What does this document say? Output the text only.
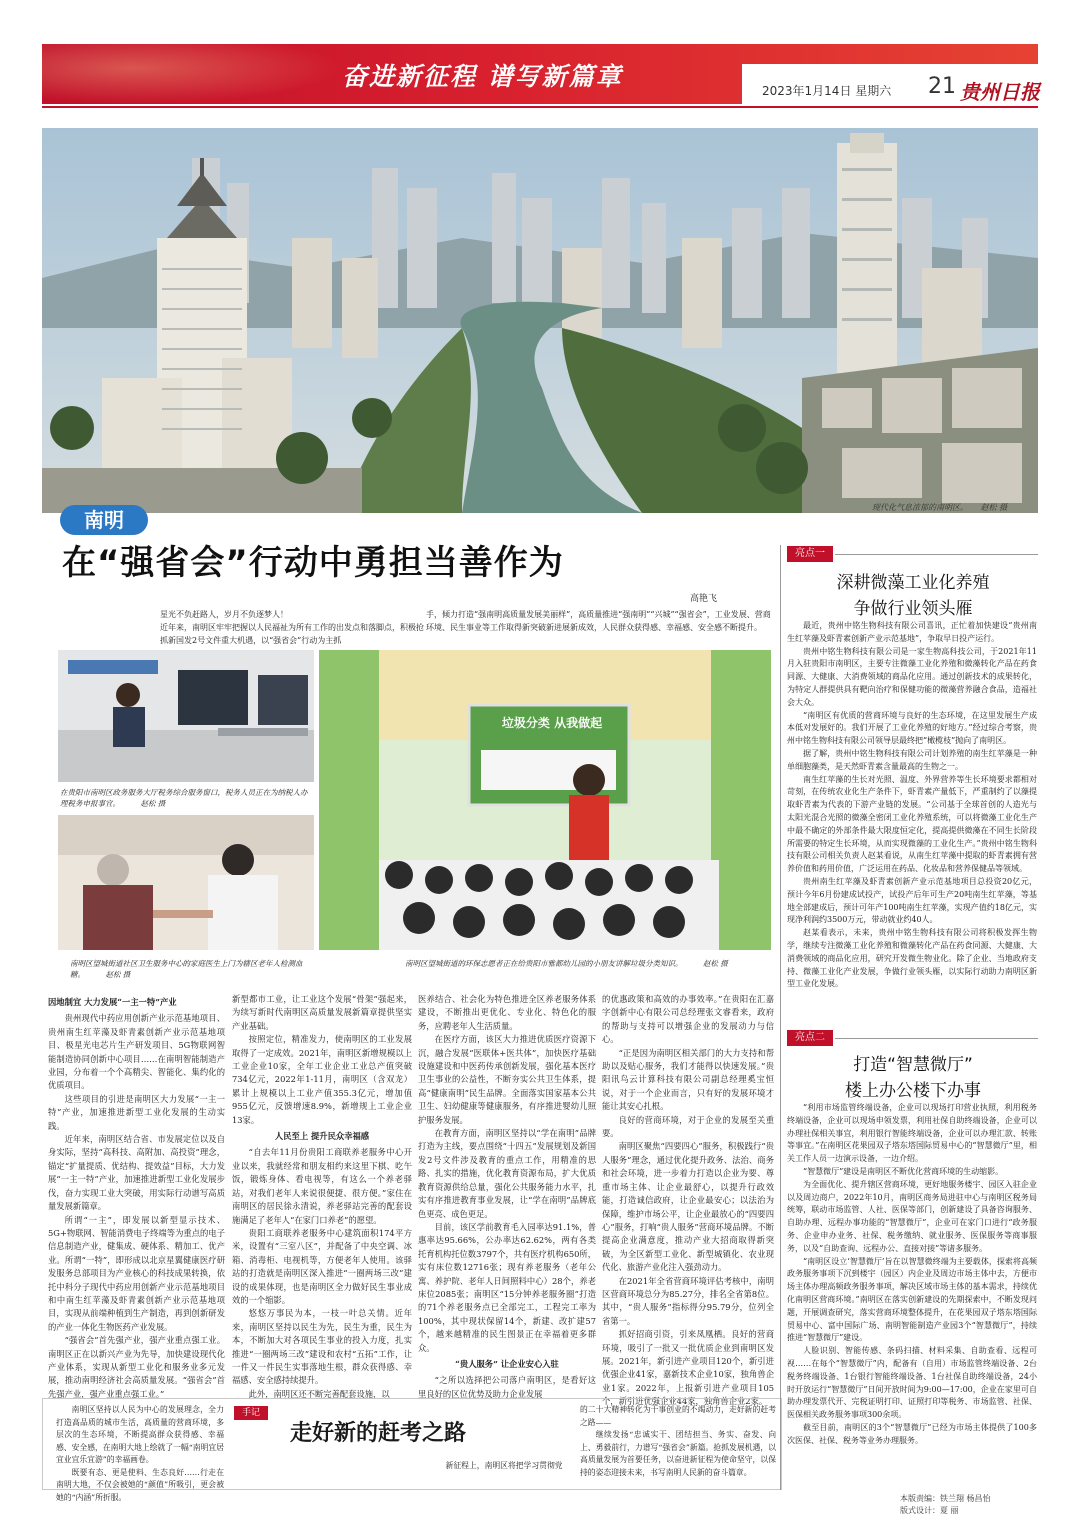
奋进新征程 谱写新篇章	2023年1月14日 星期六 21 贵州日报
现代化气息浓郁的南明区。 赵松 摄
南明
在“强省会”行动中勇担当善作为
高艳飞
星光不负赶路人，岁月不负逐梦人！
近年来，南明区牢牢把握以人民福祉为所有工作的出发点和落脚点，积极抢抓新国发2号文件重大机遇，以“强省会”行动为主抓
手，倾力打造“强南明高质量发展美丽样”，高质量推进“强南明”“兴城”“强省会”，工业发展、营商环境、民生事业等工作取得新突破新进展新成效，人民群众获得感、幸福感、安全感不断提升。
在贵阳市南明区政务服务大厅税务综合服务窗口，税务人员正在为纳税人办理税务申报事宜。	赵松 摄
南明区望城街道社区卫生服务中心的家庭医生上门为辖区老年人检测血糖。	赵松 摄
垃圾分类 从我做起
南明区望城街道的环保志愿者正在给贵阳市雅都幼儿园的小朋友讲解垃圾分类知识。	赵松 摄

因地制宜 大力发展“一主一特”产业

贵州现代中药应用创新产业示范基地项目、贵州南生红苹藻及虾青素创新产业示范基地项目、极星光电芯片生产研发项目、5G物联网智能制造协同创新中心项目……在南明智能制造产业园，分布着一个个高精尖、智能化、集约化的优质项目。

这些项目的引进是南明区大力发展“一主一特”产业，加速推进新型工业化发展的生动实践。

近年来，南明区结合省、市发展定位以及自身实际，坚持“高科技、高附加、高投资”理念，锚定“扩量提质、优结构、提效益”目标，大力发展“一主一特”产业，加速推进新型工业化发展步伐，奋力实现工业大突破，用实际行动谱写高质量发展新篇章。

所谓“一主”，即发展以新型显示技术、5G+物联网、智能消费电子终端等为重点的电子信息制造产业，健集成、硬体系、精加工、优产业。所谓“一特”，即形成以北京星翼健康医疗研发服务总部项目为产业核心的科技成果转换，依托中科分子现代中药应用创新产业示范基地项目和中南生红苹藻及虾青素创新产业示范基地项目，实现从前端种植到生产制造，再到创新研发的产业一体化生物医药产业发展。

“强省会”首先强产业，强产业重点强工业。南明区正在以新兴产业为先导，加快建设现代化产业体系，实现从新型工业化和服务业多元发展，推动南明经济社会高质量发展。“强省会”首先强产业，强产业重点强工业。”

新型都市工业，让工业这个发展“骨架”强起来，为续写新时代南明区高质量发展新篇章提供坚实产业基础。

按照定位，精准发力，使南明区的工业发展取得了一定成效。2021年，南明区新增规模以上工业企业10家，全年工业企业工业总产值突破734亿元，2022年1-11月，南明区（含双龙）累计上规模以上工业产值355.3亿元，增加值955亿元，反馈增速8.9%，新增规上工业企业13家。

人民至上 提升民众幸福感

“自去年11月份贵阳工商联养老服务中心开业以来，我就经常和朋友相约来这里下棋、吃午饭，锻炼身体、看电视等，有这么一个养老驿站，对我们老年人来说很便捷、很方便。”家住在南明区的居民徐永清说，养老驿站完善的配套设施满足了老年人“在家门口养老”的愿望。

贵阳工商联养老服务中心建筑面积174平方米，设置有“三室八区”，并配备了中央空调、冰箱、消毒柜、电视机等，方便老年人使用。该驿站的打造就是南明区深入推进“一圈两场三改”建设的成果体现，也是南明区全力做好民生事业成效的一个缩影。

悠悠万事民为本，一枝一叶总关情。近年来，南明区坚持以民生为先，民生为重，民生为本，不断加大对各项民生事业的投入力度，扎实推进“一圈两场三改”建设和农村“五拓”工作，让一件又一件民生实事落地生根，群众获得感、幸福感、安全感持续提升。

此外，南明区还不断完善配套设施，以

医养结合、社会化为特色推进全区养老服务体系建设，不断推出更优化、专业化、特色化的服务，应聘老年人生活质量。

在医疗方面，该区大力推进优质医疗资源下沉，融合发展“医联体+医共体”，加快医疗基础设施建设和中医药传承创新发展，强化基本医疗卫生事业的公益性，不断夯实公共卫生体系，提高“健康南明”民生品牌。全面落实国家基本公共卫生、妇幼健康等健康服务，有序推进婴幼儿照护服务发展。

在教育方面，南明区坚持以“学在南明”品牌打造为主线，要点围绕“十四五”发展规划及新国发2号文件涉及教育的重点工作，用精准的思路、扎实的措施，优化教育资源布局，扩大优质教育资源供给总量，强化公共服务能力水平，扎实有序推进教育事业发展，让“学在南明”品牌底色更亮、成色更足。

目前，该区学前教育毛入园率达91.1%，普惠率达95.66%，公办率达62.62%，两有各类托育机构托位数3797个，共有医疗机构650所，实有床位数12716张；现有养老服务（老年公寓、养护院、老年人日间照料中心）28个，养老床位2085张；南明区“15分钟养老服务圈”打造的71个养老服务点已全部完工，工程完工率为100%，其中现状保留14个，新建、改扩建57个，越来越精准的民生图景正在幸福着更多群众。

“贵人服务” 让企业安心入驻

“之所以选择把公司落户南明区，是看好这里良好的区位优势及助力企业发展

的优惠政策和高效的办事效率。”在贵阳在汇嘉字创新中心有限公司总经理张文睿看来，政府的帮助与支持可以增强企业的发展动力与信心。

“正是因为南明区相关部门的大力支持和帮助以及贴心服务，我们才能得以快速发展。”贵阳讯鸟云计算科技有限公司副总经理奚宝恒说，对于一个企业而言，只有好的发展环境才能让其安心扎根。

良好的营商环境，对于企业的发展至关重要。

南明区聚焦“四要四心”服务，积极践行“贵人服务”理念，通过优化提升政务、法治、商务和社会环境，进一步着力打造以企业为要、尊重市场主体、让企业最舒心，以提升行政效能，打造诚信政府，让企业最安心；以法治为保障，维护市场公平，让企业最放心的“四要四心”服务，打响“贵人服务”营商环境品牌。不断提高企业满意度，推动产业大招商取得新突破，为全区新型工业化、新型城镇化、农业现代化、旅游产业化注入强劲动力。

在2021年全省营商环境评估考核中，南明区营商环境总分为85.27分，排名全省第8位。其中，“贵人服务”指标得分95.79分，位列全省第一。

抓好招商引资，引来凤凰栖。良好的营商环境，吸引了一批又一批优质企业到南明区发展。2021年，新引进产业项目120个，新引进优强企业41家，嘉新技术企业10家，独角兽企业1家。2022年，上报新引进产业项目105个，新引进优强企业44家，独角兽企业2家。

南明区坚持以人民为中心的发展理念，全力打造高品质的城市生活，高质量的营商环境，多层次的生态环境，不断提高群众获得感、幸福感、安全感，在南明大地上绘就了一幅“南明宜居宜业宜乐宜游”的幸福画卷。

既要有态、更是使料、生态良好……行走在南明大地，不仅会被她的“颜值”所吸引，更会被她的“内涵”所折服。

手记
走好新的赶考之路

的二十大精神转化为干事创业的不竭动力，走好新的赶考之路——

继续发扬“忠诚实干、团结担当、务实、奋发、向上、勇毅前行，力谱写“强省会”新篇。抢抓发展机遇，以高质量发展为首要任务，以奋进新征程为使命坚守，以保持的姿态迎接未来，书写南明人民新的奋斗篇章。

新征程上，南明区将把学习贯彻党

亮点一
深耕微藻工业化养殖
争做行业领头雁

最近，贵州中铭生物科技有限公司喜讯，正忙着加快建设“贵州南生红苹藻及虾青素创新产业示范基地”，争取早日投产运行。

贵州中铭生物科技有限公司是一家生物高科技公司，于2021年11月入驻贵阳市南明区，主要专注微藻工业化养殖和微藻转化产品在药食同源、大健康、大消费领域的商品化应用。通过创新技术的成果转化，为特定人群提供具有靶向治疗和保健功能的微藻营养融合食品，造福社会大众。

“南明区有优质的营商环境与良好的生态环境，在这里发展生产成本低对发展好的。我们开展了工业化养殖的好地方。”经过综合考察，贵州中铭生物科技有限公司领导层最终把“橄榄枝”抛向了南明区。

据了解，贵州中铭生物科技有限公司计划养殖的南生红苹藻是一种单细胞藻类，是天然虾青素含量最高的生物之一。

南生红苹藻的生长对光照、温度、外界营养等生长环境要求都相对苛刻，在传统农业化生产条件下，虾青素产量低下，严重制约了以藻提取虾青素为代表的下游产业链的发展。“公司基于全球首创的人造光与太阳光混合光照的微藻全密闭工业化养殖系统，可以将微藻工业化生产中最不确定的外部条件最大限度恒定化，提高提供微藻在不同生长阶段所需要的特定生长环境，从而实现微藻的工业化生产。”贵州中铭生物科技有限公司相关负责人赵某看说，从南生红苹藻中提取的虾青素拥有营养价值和药用价值，广泛运用在药品、化妆品和营养保健品等领域。

贵州南生红苹藻及虾青素创新产业示范基地项目总投资20亿元，预计今年6月份建成试投产，试投产后年可生产20吨南生红苹藻，等基地全部建成后，预计可年产100吨南生红苹藻，实现产值约18亿元，实现净利润约3500万元，带动就业约40人。

赵某看表示，未来，贵州中铭生物科技有限公司将积极发挥生物学，继续专注微藻工业化养殖和微藻转化产品在药食同源、大健康、大消费领域的商品化应用，研究开发微生物业化。除了企业、当地政府支持、微藻工业化产业发展，争做行业领头雁，以实际行动助力南明区新型工业化发展。

亮点二
打造“智慧微厅”
楼上办公楼下办事

“利用市场监管终端设备，企业可以现场打印营业执照，利用税务终端设备，企业可以现场申领发票，利用社保自助终端设备，企业可以办理社保相关事宜，利用银行智能终端设备，企业可以办理汇款、转账等事宜。”在南明区花果园双子塔东塔国际贸易中心的“智慧微厅”里，相关工作人员一边演示设备，一边介绍。

“智慧微厅”建设是南明区不断优化营商环境的生动缩影。

为全面优化、提升辖区营商环境，更好地服务楼宇、园区入驻企业以及周边商户，2022年10月，南明区商务局进驻中心与南明区税务局统筹，联动市场监管、人社、医保等部门，创新建设了具备咨询服务、自助办理、远程办事功能的“智慧微厅”，企业可在家门口进行“政务服务、企业申办业务、社保、税务缴纳、就业服务、医保服务等商事服务，以及“自助查询、远程办公、直接对接”等诸多服务。

“南明区设立‘智慧微厅’旨在以智慧微终端为主要载体，探索将高频政务服务事项下沉到楼宇（园区）内企业及周边市场主体中去，方便市场主体办理高频政务服务事项，解决区域市场主体的基本需求，持续优化南明区营商环境。”南明区在落实创新建设的先期探索中，不断发现问题，开展调查研究，落实营商环境整体提升，在花果园双子塔东塔国际贸易中心、富中国际广场、南明智能制造产业园3个“智慧微厅”，持续推进“智慧微厅”建设。

人脸识别、智能传感、条码扫描、材料采集、自助查看、远程可视……在每个“智慧微厅”内，配备有（自用）市场监管终端设备、2台税务终端设备、1台银行智能终端设备、1台社保自助终端设备，24小时开放运行“智慧微厅”日间开放时间为9:00—17:00，企业在家里可自助办理发票代开、完税证明打印、证照打印等税务、市场监管、社保、医保相关政务服务事项300余项。

截至目前，南明区的3个“智慧微厅”已经为市场主体提供了100多次医保、社保、税务等业务办理服务。

本版责编：铁兰翔 杨昌怡
版式设计：夏 丽
